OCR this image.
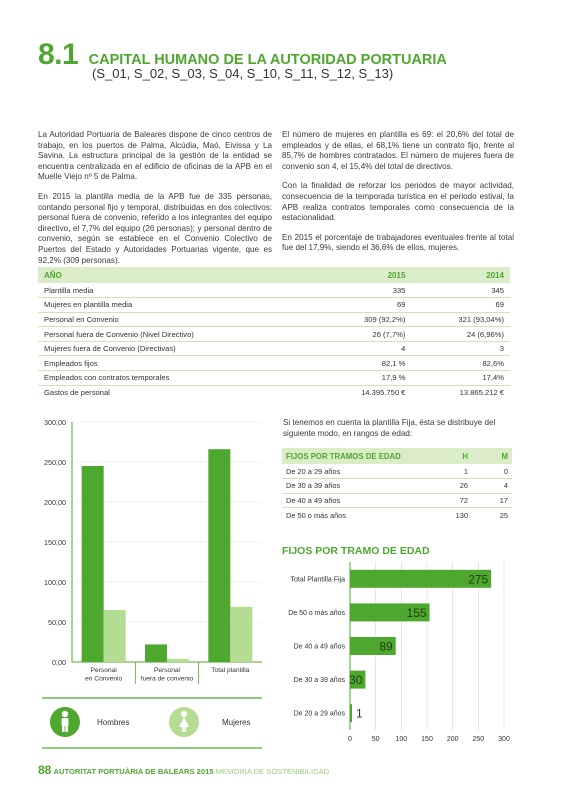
8.1 CAPITAL HUMANO DE LA AUTORIDAD PORTUARIA
(S_01, S_02, S_03, S_04, S_10, S_11, S_12, S_13)

La Autoridad Portuaria de Baleares dispone de cinco centros de trabajo, en los puertos de Palma, Alcúdia, Maó, Eivissa y La Savina. La estructura principal de la gestión de la entidad se encuentra centralizada en el edificio de oficinas de la APB en el Muelle Viejo nº 5 de Palma.

En 2015 la plantilla media de la APB fue de 335 personas, contando personal fijo y temporal, distribuidas en dos colectivos: personal fuera de convenio, referido a los integrantes del equipo directivo, el 7,7% del equipo (26 personas); y personal dentro de convenio, según se establece en el Convenio Colectivo de Puertos del Estado y Autoridades Portuarias vigente, que es 92,2% (309 personas).

El número de mujeres en plantilla es 69: el 20,6% del total de empleados y de ellas, el 68,1% tiene un contrato fijo, frente al 85,7% de hombres contratados. El número de mujeres fuera de convenio son 4, el 15,4% del total de directivos.

Con la finalidad de reforzar los periodos de mayor actividad, consecuencia de la temporada turística en el periodo estival, la APB realiza contratos temporales como consecuencia de la estacionalidad.

En 2015 el porcentaje de trabajadores eventuales frente al total fue del 17,9%, siendo el 36,6% de ellos, mujeres.

AÑO	2015	2014
Plantilla media	335	345
Mujeres en plantilla media	69	69
Personal en Convenio	309 (92,2%)	321 (93,04%)
Personal fuera de Convenio (Nivel Directivo)	26 (7,7%)	24 (6,96%)
Mujeres fuera de Convenio (Directivas)	4	3
Empleados fijos	82,1 %	82,6%
Empleados con contratos temporales	17,9 %	17,4%
Gastos de personal	14.395.750 €	13.865.212 €
0,00
50,00
100,00
150,00
200,00
250,00
300,00
Personal
en Convenio
Personal
fuera de convenio
Total plantilla
Hombres	Mujeres
Si tenemos en cuenta la plantilla Fija, ésta se distribuye del siguiente modo, en rangos de edad:
FIJOS POR TRAMOS DE EDAD	H	M
De 20 a 29 años	1	0
De 30 a 39 años	26	4
De 40 a 49 años	72	17
De 50 o más años	130	25
FIJOS POR TRAMO DE EDAD
0	50 100 150 200 250 300
Total Plantilla Fija	275
De 50 o más años	155
De 40 a 49 años	89
De 30 a 39 años 30
De 20 a 29 años 1
88 AUTORITAT PORTUÀRIA DE BALEARS 2015 MEMORIA DE SOSTENIBILIDAD
